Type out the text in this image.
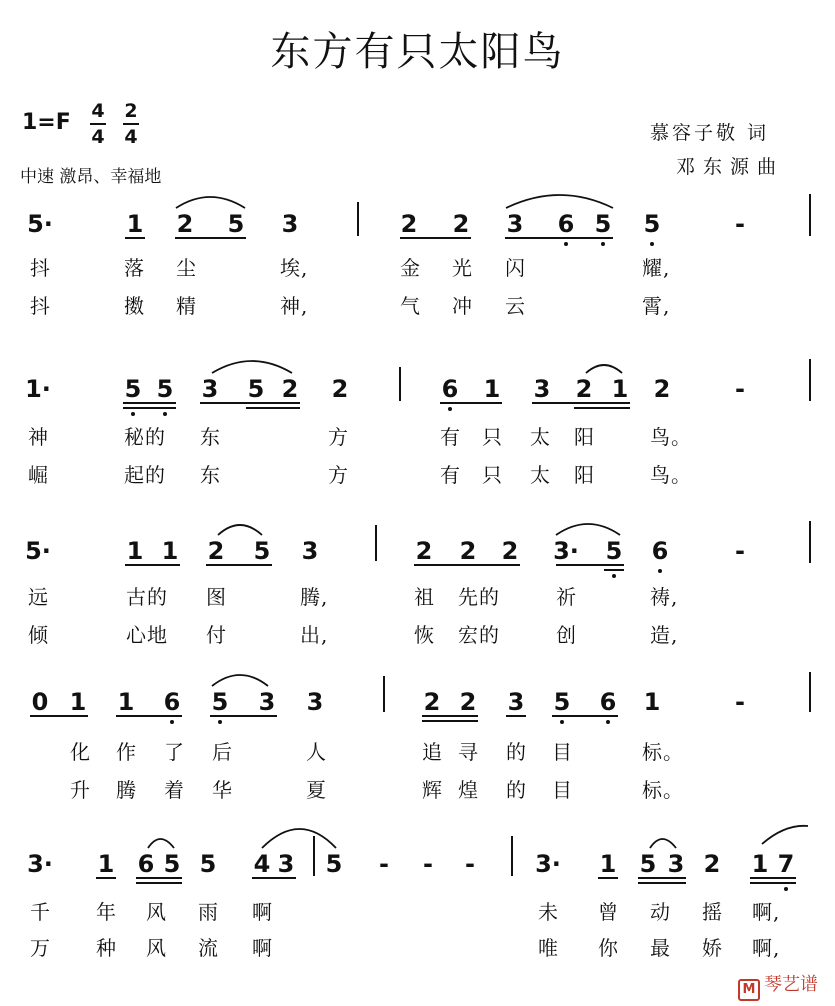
东方有只太阳鸟
1=F 4
4
2
4
中速 激昂、幸福地
慕容子敬 词
邓东源曲
5·	1 2 5 3	2 2 3 6 5 5	-
抖	落 尘	埃,	金 光 闪	耀,
抖	擞 精	神,	气 冲 云	霄,
1·	5 5 3 5 2 2	6 1 3 2 1 2	-
神	秘的 东	方	有 只 太 阳	鸟。
崛	起的 东	方	有 只 太 阳	鸟。
5·	1 1 2 5 3	2 2 2 3· 5 6	-
远	古的 图	腾,	祖 先的	祈	祷,
倾	心地 付	出,	恢 宏的	创	造,
0 1 1 6 5 3 3	2 2 3 5 6 1	-
化 作 了 后	人	追 寻 的 目	标。
升 腾 着 华	夏	辉 煌 的 目	标。
3· 1 6 5 5 4 3 5 - - -	3· 1 5 3 2 1 7
千 年 风 雨 啊	未 曾 动 摇 啊,
万 种 风 流 啊	唯 你 最 娇 啊,
M 琴艺谱
